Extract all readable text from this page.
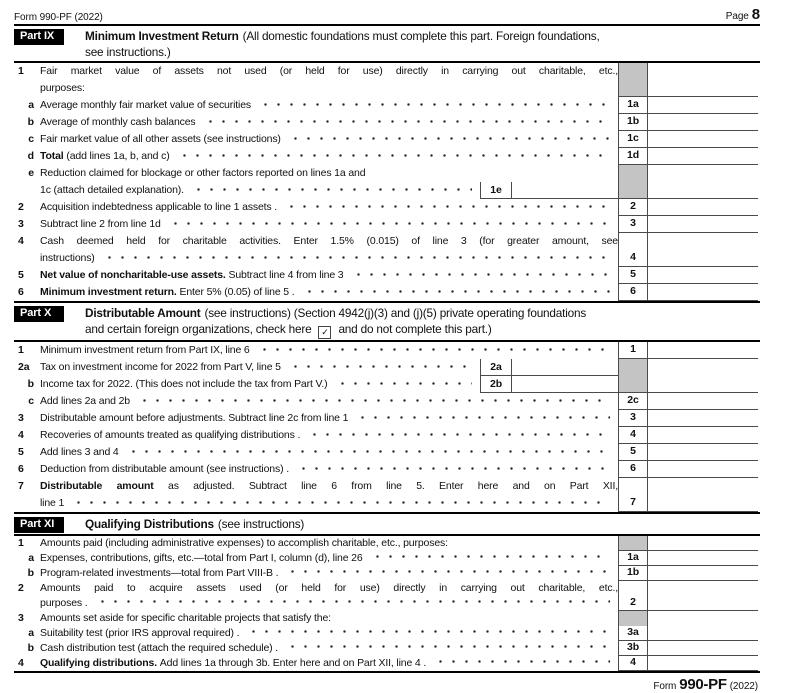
Form 990-PF (2022)	Page 8
Part IX	Minimum Investment Return (All domestic foundations must complete this part. Foreign foundations,
see instructions.)
1	Fair market value of assets not used (or held for use) directly in carrying out charitable, etc.,
purposes:
a Average monthly fair market value of securities	1a
b Average of monthly cash balances	1b
c Fair market value of all other assets (see instructions)	1c
d Total (add lines 1a, b, and c)	1d
e Reduction claimed for blockage or other factors reported on lines 1a and
1c (attach detailed explanation).	1e
2	Acquisition indebtedness applicable to line 1 assets .	2
3	Subtract line 2 from line 1d	3
4	Cash deemed held for charitable activities. Enter 1.5% (0.015) of line 3 (for greater amount, see
instructions)	4
5	Net value of noncharitable-use assets. Subtract line 4 from line 3	5
6	Minimum investment return. Enter 5% (0.05) of line 5 .	6
Part X	Distributable Amount (see instructions) (Section 4942(j)(3) and (j)(5) private operating foundations
and certain foreign organizations, check here ✓ and do not complete this part.)
1	Minimum investment return from Part IX, line 6	1
2a	Tax on investment income for 2022 from Part V, line 5	2a
b Income tax for 2022. (This does not include the tax from Part V.)	2b
c Add lines 2a and 2b	2c
3	Distributable amount before adjustments. Subtract line 2c from line 1	3
4	Recoveries of amounts treated as qualifying distributions .	4
5	Add lines 3 and 4	5
6	Deduction from distributable amount (see instructions) .	6
7	Distributable amount as adjusted. Subtract line 6 from line 5. Enter here and on Part XII,
line 1	7
Part XI	Qualifying Distributions (see instructions)
1	Amounts paid (including administrative expenses) to accomplish charitable, etc., purposes:
a Expenses, contributions, gifts, etc.—total from Part I, column (d), line 26	1a
b Program-related investments—total from Part VIII-B .	1b
2	Amounts paid to acquire assets used (or held for use) directly in carrying out charitable, etc.,
purposes .	2
3	Amounts set aside for specific charitable projects that satisfy the:
a Suitability test (prior IRS approval required) .	3a
b Cash distribution test (attach the required schedule) .	3b
4	Qualifying distributions. Add lines 1a through 3b. Enter here and on Part XII, line 4 .	4
Form 990-PF (2022)
